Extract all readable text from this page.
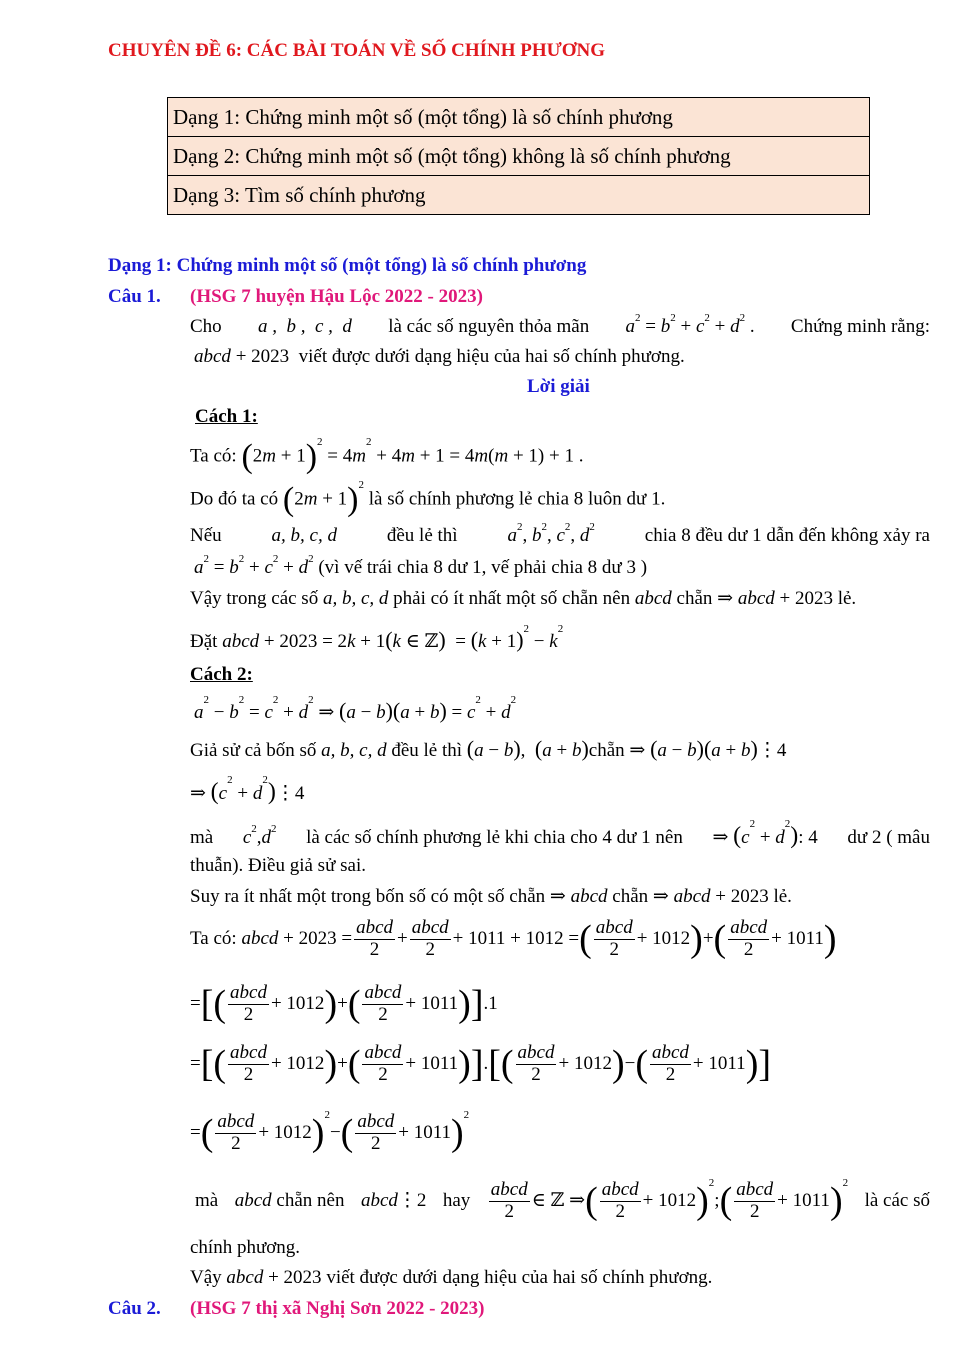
CHUYÊN ĐỀ 6: CÁC BÀI TOÁN VỀ SỐ CHÍNH PHƯƠNG
Dạng 1: Chứng minh một số (một tổng) là số chính phương
Dạng 2: Chứng minh một số (một tổng) không là số chính phương
Dạng 3: Tìm số chính phương
Dạng 1: Chứng minh một số (một tổng) là số chính phương
Câu 1. (HSG 7 huyện Hậu Lộc 2022 - 2023)
Cho a ,  b ,  c ,  d là các số nguyên thỏa mãn $a^2 = b^2 + c^2 + d^2$ . Chứng minh rằng:
abcd + 2023  viết được dưới dạng hiệu của hai số chính phương.
Lời giải
Cách 1:
Ta có: $(2m + 1)^2 = 4m^2 + 4m + 1 = 4m(m + 1) + 1$ .
Do đó ta có $(2m + 1)^2$ là số chính phương lẻ chia 8 luôn dư 1.
Nếu	a, b, c, d	đều lẻ thì	$a^2$, $b^2$, $c^2$, $d^2$	chia 8 đều dư 1 dẫn đến không xảy ra
$a^2 = b^2 + c^2 + d^2$ (vì vế trái chia 8 dư 1, vế phải chia 8 dư 3 )
Vậy trong các số a, b, c, d phải có ít nhất một số chẵn nên abcd chẵn ⇒ abcd + 2023 lẻ.
Đặt abcd + 2023 = 2k + 1(k ∈ ℤ)  = $(k + 1)^2 - k^2$
Cách 2:
$a^2 - b^2 = c^2 + d^2$ ⇒ $(a - b)(a + b) = c^2 + d^2$
Giả sử cả bốn số a, b, c, d đều lẻ thì (a − b),  (a + b)chẵn ⇒ (a − b)(a + b)⋮4
⇒ ($c^2$ + $d^2)⋮4$
mà $c^2,d^2$ là các số chính phương lẻ khi chia cho 4 dư 1 nên ⇒ $(c^2 + d^2)$: 4 dư 2 ( mâu
thuẫn). Điều giả sử sai.
Suy ra ít nhất một trong bốn số có một số chẵn ⇒ abcd chẵn ⇒ abcd + 2023 lẻ.
Ta có:
abcd + $2023 = \frac{\text{abcd}}{2} + \frac{\text{abcd}}{2} + 1011 + 1012$ = ( $\frac{\text{abcd}}{2} + 1012$ ) + ( $\frac{\text{abcd}}{2} + 1011$ )
= [ ( $\frac{\text{abcd}}{2} + 1012$ ) + ( $\frac{\text{abcd}}{2} + 1011$ ) ] .1
= [ ( $\frac{\text{abcd}}{2} + 1012$ ) + ( $\frac{\text{abcd}}{2} + 1011$ ) ] . [ ( $\frac{\text{abcd}}{2} + 1012$ ) − ( $\frac{\text{abcd}}{2} + 1011$ ) ]
= ( $\frac{\text{abcd}}{2} + 1012$ )$^2$
− ( $\frac{\text{abcd}}{2} + 1011$ )$^2$
mà abcd chẵn nên abcd⋮2 hay $\frac{\text{abcd}}{2}$ ∈ ℤ ⇒ ( $\frac{\text{abcd}}{2} + 1012$ )$^2$
; ( $\frac{\text{abcd}}{2} + 1011$ )$^2$
là các số
chính phương.
Vậy abcd + 2023 viết được dưới dạng hiệu của hai số chính phương.
Câu 2. (HSG 7 thị xã Nghị Sơn 2022 - 2023)
